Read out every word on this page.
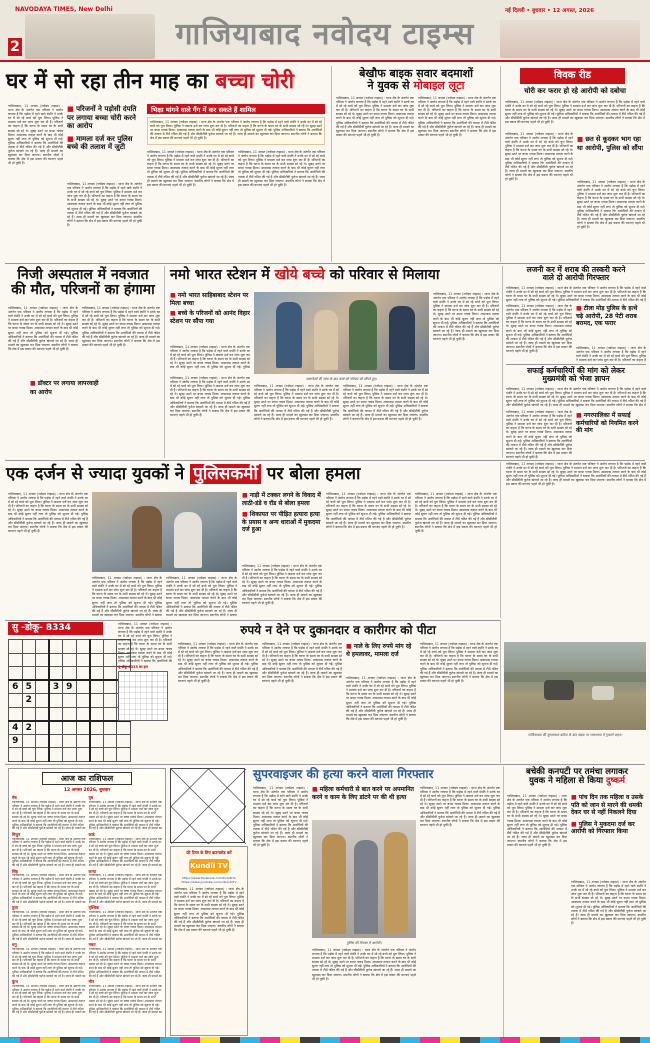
NAVODAYA TIMES, New Delhi
2	गाजियाबाद नवोदय टाइम्स
नई दिल्ली • बुधवार • 12 अगस्त, 2026
घर में सो रहा तीन माह का बच्चा चोरी
गाजियाबाद, 11 अगस्त (नवोदय टाइम्स) : थाना क्षेत्र के अंतर्गत एक परिवार ने आरोप लगाया है कि पड़ोस में रहने वाले दंपति ने उनके घर में सो रहे बच्चे को चुरा लिया। पुलिस ने मामला दर्ज कर जांच शुरू कर दी है। परिजनों का कहना है कि घटना के समय घर के सभी सदस्य सो रहे थे। सुबह उठने पर बच्चा गायब मिला। आसपास तलाश करने के बाद भी कोई सुराग नहीं लगा तो पुलिस को सूचना दी गई। पुलिस अधिकारियों ने बताया कि आरोपियों की तलाश में टीमें गठित की गई हैं और सीसीटीवी फुटेज खंगाले जा रहे हैं। जल्द ही मामले का खुलासा कर दिया जाएगा। स्थानीय लोगों ने बताया कि क्षेत्र में इस प्रकार की घटनाएं पहले भी हो चुकी हैं।
■ परिजनों ने पड़ोसी दंपति पर लगाया बच्चा चोरी करने का आरोप
■ मामला दर्ज कर पुलिस बच्चे की तलाश में जुटी
गाजियाबाद, 11 अगस्त (नवोदय टाइम्स) : थाना क्षेत्र के अंतर्गत एक परिवार ने आरोप लगाया है कि पड़ोस में रहने वाले दंपति ने उनके घर में सो रहे बच्चे को चुरा लिया। पुलिस ने मामला दर्ज कर जांच शुरू कर दी है। परिजनों का कहना है कि घटना के समय घर के सभी सदस्य सो रहे थे। सुबह उठने पर बच्चा गायब मिला। आसपास तलाश करने के बाद भी कोई सुराग नहीं लगा तो पुलिस को सूचना दी गई। पुलिस अधिकारियों ने बताया कि आरोपियों की तलाश में टीमें गठित की गई हैं और सीसीटीवी फुटेज खंगाले जा रहे हैं। जल्द ही मामले का खुलासा कर दिया जाएगा। स्थानीय लोगों ने बताया कि क्षेत्र में इस प्रकार की घटनाएं पहले भी हो चुकी हैं।
भिक्षा मांगने वाले गैंग में कर सकते हैं शामिल
गाजियाबाद, 11 अगस्त (नवोदय टाइम्स) : थाना क्षेत्र के अंतर्गत एक परिवार ने आरोप लगाया है कि पड़ोस में रहने वाले दंपति ने उनके घर में सो रहे बच्चे को चुरा लिया। पुलिस ने मामला दर्ज कर जांच शुरू कर दी है। परिजनों का कहना है कि घटना के समय घर के सभी सदस्य सो रहे थे। सुबह उठने पर बच्चा गायब मिला। आसपास तलाश करने के बाद भी कोई सुराग नहीं लगा तो पुलिस को सूचना दी गई। पुलिस अधिकारियों ने बताया कि आरोपियों की तलाश में टीमें गठित की गई हैं और सीसीटीवी फुटेज खंगाले जा रहे हैं। जल्द ही मामले का खुलासा कर दिया जाएगा। स्थानीय लोगों ने बताया कि क्षेत्र में इस प्रकार की घटनाएं पहले भी हो चुकी हैं।
गाजियाबाद, 11 अगस्त (नवोदय टाइम्स) : थाना क्षेत्र के अंतर्गत एक परिवार ने आरोप लगाया है कि पड़ोस में रहने वाले दंपति ने उनके घर में सो रहे बच्चे को चुरा लिया। पुलिस ने मामला दर्ज कर जांच शुरू कर दी है। परिजनों का कहना है कि घटना के समय घर के सभी सदस्य सो रहे थे। सुबह उठने पर बच्चा गायब मिला। आसपास तलाश करने के बाद भी कोई सुराग नहीं लगा तो पुलिस को सूचना दी गई। पुलिस अधिकारियों ने बताया कि आरोपियों की तलाश में टीमें गठित की गई हैं और सीसीटीवी फुटेज खंगाले जा रहे हैं। जल्द ही मामले का खुलासा कर दिया जाएगा। स्थानीय लोगों ने बताया कि क्षेत्र में इस प्रकार की घटनाएं पहले भी हो चुकी हैं।
गाजियाबाद, 11 अगस्त (नवोदय टाइम्स) : थाना क्षेत्र के अंतर्गत एक परिवार ने आरोप लगाया है कि पड़ोस में रहने वाले दंपति ने उनके घर में सो रहे बच्चे को चुरा लिया। पुलिस ने मामला दर्ज कर जांच शुरू कर दी है। परिजनों का कहना है कि घटना के समय घर के सभी सदस्य सो रहे थे। सुबह उठने पर बच्चा गायब मिला। आसपास तलाश करने के बाद भी कोई सुराग नहीं लगा तो पुलिस को सूचना दी गई। पुलिस अधिकारियों ने बताया कि आरोपियों की तलाश में टीमें गठित की गई हैं और सीसीटीवी फुटेज खंगाले जा रहे हैं। जल्द ही मामले का खुलासा कर दिया जाएगा। स्थानीय लोगों ने बताया कि क्षेत्र में इस प्रकार की घटनाएं पहले भी हो चुकी हैं।
बेखौफ बाइक सवार बदमाशों
ने युवक से मोबाइल लूटा
गाजियाबाद, 11 अगस्त (नवोदय टाइम्स) : थाना क्षेत्र के अंतर्गत एक परिवार ने आरोप लगाया है कि पड़ोस में रहने वाले दंपति ने उनके घर में सो रहे बच्चे को चुरा लिया। पुलिस ने मामला दर्ज कर जांच शुरू कर दी है। परिजनों का कहना है कि घटना के समय घर के सभी सदस्य सो रहे थे। सुबह उठने पर बच्चा गायब मिला। आसपास तलाश करने के बाद भी कोई सुराग नहीं लगा तो पुलिस को सूचना दी गई। पुलिस अधिकारियों ने बताया कि आरोपियों की तलाश में टीमें गठित की गई हैं और सीसीटीवी फुटेज खंगाले जा रहे हैं। जल्द ही मामले का खुलासा कर दिया जाएगा। स्थानीय लोगों ने बताया कि क्षेत्र में इस प्रकार की घटनाएं पहले भी हो चुकी हैं।
गाजियाबाद, 11 अगस्त (नवोदय टाइम्स) : थाना क्षेत्र के अंतर्गत एक परिवार ने आरोप लगाया है कि पड़ोस में रहने वाले दंपति ने उनके घर में सो रहे बच्चे को चुरा लिया। पुलिस ने मामला दर्ज कर जांच शुरू कर दी है। परिजनों का कहना है कि घटना के समय घर के सभी सदस्य सो रहे थे। सुबह उठने पर बच्चा गायब मिला। आसपास तलाश करने के बाद भी कोई सुराग नहीं लगा तो पुलिस को सूचना दी गई। पुलिस अधिकारियों ने बताया कि आरोपियों की तलाश में टीमें गठित की गई हैं और सीसीटीवी फुटेज खंगाले जा रहे हैं। जल्द ही मामले का खुलासा कर दिया जाएगा। स्थानीय लोगों ने बताया कि क्षेत्र में इस प्रकार की घटनाएं पहले भी हो चुकी हैं।
विवक रीड
चोरी कर फरार हो रहे आरोपी को दबोचा
गाजियाबाद, 11 अगस्त (नवोदय टाइम्स) : थाना क्षेत्र के अंतर्गत एक परिवार ने आरोप लगाया है कि पड़ोस में रहने वाले दंपति ने उनके घर में सो रहे बच्चे को चुरा लिया। पुलिस ने मामला दर्ज कर जांच शुरू कर दी है। परिजनों का कहना है कि घटना के समय घर के सभी सदस्य सो रहे थे। सुबह उठने पर बच्चा गायब मिला। आसपास तलाश करने के बाद भी कोई सुराग नहीं लगा तो पुलिस को सूचना दी गई। पुलिस अधिकारियों ने बताया कि आरोपियों की तलाश में टीमें गठित की गई हैं और सीसीटीवी फुटेज खंगाले जा रहे हैं। जल्द ही मामले का खुलासा कर दिया जाएगा। स्थानीय लोगों ने बताया कि क्षेत्र में इस प्रकार की घटनाएं पहले भी हो चुकी हैं।
गाजियाबाद, 11 अगस्त (नवोदय टाइम्स) : थाना क्षेत्र के अंतर्गत एक परिवार ने आरोप लगाया है कि पड़ोस में रहने वाले दंपति ने उनके घर में सो रहे बच्चे को चुरा लिया। पुलिस ने मामला दर्ज कर जांच शुरू कर दी है। परिजनों का कहना है कि घटना के समय घर के सभी सदस्य सो रहे थे। सुबह उठने पर बच्चा गायब मिला। आसपास तलाश करने के बाद भी कोई सुराग नहीं लगा तो पुलिस को सूचना दी गई। पुलिस अधिकारियों ने बताया कि आरोपियों की तलाश में टीमें गठित की गई हैं और सीसीटीवी फुटेज खंगाले जा रहे हैं। जल्द ही मामले का खुलासा कर दिया जाएगा। स्थानीय लोगों ने बताया कि क्षेत्र में इस प्रकार की घटनाएं पहले भी हो चुकी हैं।
■ छत से कूदकर भाग रहा था आरोपी, पुलिस को सौंपा
गाजियाबाद, 11 अगस्त (नवोदय टाइम्स) : थाना क्षेत्र के अंतर्गत एक परिवार ने आरोप लगाया है कि पड़ोस में रहने वाले दंपति ने उनके घर में सो रहे बच्चे को चुरा लिया। पुलिस ने मामला दर्ज कर जांच शुरू कर दी है। परिजनों का कहना है कि घटना के समय घर के सभी सदस्य सो रहे थे। सुबह उठने पर बच्चा गायब मिला। आसपास तलाश करने के बाद भी कोई सुराग नहीं लगा तो पुलिस को सूचना दी गई। पुलिस अधिकारियों ने बताया कि आरोपियों की तलाश में टीमें गठित की गई हैं और सीसीटीवी फुटेज खंगाले जा रहे हैं। जल्द ही मामले का खुलासा कर दिया जाएगा। स्थानीय लोगों ने बताया कि क्षेत्र में इस प्रकार की घटनाएं पहले भी हो चुकी हैं।
निजी अस्पताल में नवजात
की मौत, परिजनों का हंगामा
गाजियाबाद, 11 अगस्त (नवोदय टाइम्स) : थाना क्षेत्र के अंतर्गत एक परिवार ने आरोप लगाया है कि पड़ोस में रहने वाले दंपति ने उनके घर में सो रहे बच्चे को चुरा लिया। पुलिस ने मामला दर्ज कर जांच शुरू कर दी है। परिजनों का कहना है कि घटना के समय घर के सभी सदस्य सो रहे थे। सुबह उठने पर बच्चा गायब मिला। आसपास तलाश करने के बाद भी कोई सुराग नहीं लगा तो पुलिस को सूचना दी गई। पुलिस अधिकारियों ने बताया कि आरोपियों की तलाश में टीमें गठित की गई हैं और सीसीटीवी फुटेज खंगाले जा रहे हैं। जल्द ही मामले का खुलासा कर दिया जाएगा। स्थानीय लोगों ने बताया कि क्षेत्र में इस प्रकार की घटनाएं पहले भी हो चुकी हैं।
■ डॉक्टर पर लगाया लापरवाही का आरोप
गाजियाबाद, 11 अगस्त (नवोदय टाइम्स) : थाना क्षेत्र के अंतर्गत एक परिवार ने आरोप लगाया है कि पड़ोस में रहने वाले दंपति ने उनके घर में सो रहे बच्चे को चुरा लिया। पुलिस ने मामला दर्ज कर जांच शुरू कर दी है। परिजनों का कहना है कि घटना के समय घर के सभी सदस्य सो रहे थे। सुबह उठने पर बच्चा गायब मिला। आसपास तलाश करने के बाद भी कोई सुराग नहीं लगा तो पुलिस को सूचना दी गई। पुलिस अधिकारियों ने बताया कि आरोपियों की तलाश में टीमें गठित की गई हैं और सीसीटीवी फुटेज खंगाले जा रहे हैं। जल्द ही मामले का खुलासा कर दिया जाएगा। स्थानीय लोगों ने बताया कि क्षेत्र में इस प्रकार की घटनाएं पहले भी हो चुकी हैं।
नमो भारत स्टेशन में खोये बच्चे को परिवार से मिलाया
■ नमो भारत साहिबाबाद स्टेशन पर मिला बच्चा
■ बच्चे के परिजनों को आनंद विहार स्टेशन पर सौंपा गया
गाजियाबाद, 11 अगस्त (नवोदय टाइम्स) : थाना क्षेत्र के अंतर्गत एक परिवार ने आरोप लगाया है कि पड़ोस में रहने वाले दंपति ने उनके घर में सो रहे बच्चे को चुरा लिया। पुलिस ने मामला दर्ज कर जांच शुरू कर दी है। परिजनों का कहना है कि घटना के समय घर के सभी सदस्य सो रहे थे। सुबह उठने पर बच्चा गायब मिला। आसपास तलाश करने के बाद भी कोई सुराग नहीं लगा तो पुलिस को सूचना दी गई। पुलिस
दस्तावेजों की जांच के बाद बच्चे को परिवार को सौंपते हुए।
गाजियाबाद, 11 अगस्त (नवोदय टाइम्स) : थाना क्षेत्र के अंतर्गत एक परिवार ने आरोप लगाया है कि पड़ोस में रहने वाले दंपति ने उनके घर में सो रहे बच्चे को चुरा लिया। पुलिस ने मामला दर्ज कर जांच शुरू कर दी है। परिजनों का कहना है कि घटना के समय घर के सभी सदस्य सो रहे थे। सुबह उठने पर बच्चा गायब मिला। आसपास तलाश करने के बाद भी कोई सुराग नहीं लगा तो पुलिस को सूचना दी गई। पुलिस अधिकारियों ने बताया कि आरोपियों की तलाश में टीमें गठित की गई हैं और सीसीटीवी फुटेज खंगाले जा रहे हैं। जल्द ही मामले का खुलासा कर दिया जाएगा। स्थानीय लोगों ने बताया कि क्षेत्र में इस प्रकार की घटनाएं पहले भी हो चुकी हैं।
गाजियाबाद, 11 अगस्त (नवोदय टाइम्स) : थाना क्षेत्र के अंतर्गत एक परिवार ने आरोप लगाया है कि पड़ोस में रहने वाले दंपति ने उनके घर में सो रहे बच्चे को चुरा लिया। पुलिस ने मामला दर्ज कर जांच शुरू कर दी है। परिजनों का कहना है कि घटना के समय घर के सभी सदस्य सो रहे थे। सुबह उठने पर बच्चा गायब मिला। आसपास तलाश करने के बाद भी कोई सुराग नहीं लगा तो पुलिस को सूचना दी गई। पुलिस अधिकारियों ने बताया कि आरोपियों की तलाश में टीमें गठित की गई हैं और सीसीटीवी फुटेज खंगाले जा रहे हैं। जल्द ही मामले का खुलासा कर दिया जाएगा। स्थानीय लोगों ने बताया कि क्षेत्र में इस प्रकार की घटनाएं पहले भी हो चुकी हैं।
गाजियाबाद, 11 अगस्त (नवोदय टाइम्स) : थाना क्षेत्र के अंतर्गत एक परिवार ने आरोप लगाया है कि पड़ोस में रहने वाले दंपति ने उनके घर में सो रहे बच्चे को चुरा लिया। पुलिस ने मामला दर्ज कर जांच शुरू कर दी है। परिजनों का कहना है कि घटना के समय घर के सभी सदस्य सो रहे थे। सुबह उठने पर बच्चा गायब मिला। आसपास तलाश करने के बाद भी कोई सुराग नहीं लगा तो पुलिस को सूचना दी गई। पुलिस अधिकारियों ने बताया कि आरोपियों की तलाश में टीमें गठित की गई हैं और सीसीटीवी फुटेज खंगाले जा रहे हैं। जल्द ही मामले का खुलासा कर दिया जाएगा। स्थानीय लोगों ने बताया कि क्षेत्र में इस प्रकार की घटनाएं पहले भी हो चुकी हैं।
गाजियाबाद, 11 अगस्त (नवोदय टाइम्स) : थाना क्षेत्र के अंतर्गत एक परिवार ने आरोप लगाया है कि पड़ोस में रहने वाले दंपति ने उनके घर में सो रहे बच्चे को चुरा लिया। पुलिस ने मामला दर्ज कर जांच शुरू कर दी है। परिजनों का कहना है कि घटना के समय घर के सभी सदस्य सो रहे थे। सुबह उठने पर बच्चा गायब मिला। आसपास तलाश करने के बाद भी कोई सुराग नहीं लगा तो पुलिस को सूचना दी गई। पुलिस अधिकारियों ने बताया कि आरोपियों की तलाश में टीमें गठित की गई हैं और सीसीटीवी फुटेज खंगाले जा रहे हैं। जल्द ही मामले का खुलासा कर दिया जाएगा। स्थानीय लोगों ने बताया कि क्षेत्र में इस प्रकार की घटनाएं पहले भी हो चुकी हैं।
लजनी कर में शराब की तस्करी करने
वाले दो आरोपी गिरफ्तार
गाजियाबाद, 11 अगस्त (नवोदय टाइम्स) : थाना क्षेत्र के अंतर्गत एक परिवार ने आरोप लगाया है कि पड़ोस में रहने वाले दंपति ने उनके घर में सो रहे बच्चे को चुरा लिया। पुलिस ने मामला दर्ज कर जांच शुरू कर दी है। परिजनों का कहना है कि घटना के समय घर के सभी सदस्य सो रहे थे। सुबह उठने पर बच्चा गायब मिला। आसपास तलाश करने के बाद भी कोई सुराग नहीं लगा तो पुलिस को सूचना दी गई। पुलिस अधिकारियों ने बताया कि आरोपियों की तलाश में टीमें गठित की गई हैं
गाजियाबाद, 11 अगस्त (नवोदय टाइम्स) : थाना क्षेत्र के अंतर्गत एक परिवार ने आरोप लगाया है कि पड़ोस में रहने वाले दंपति ने उनके घर में सो रहे बच्चे को चुरा लिया। पुलिस ने मामला दर्ज कर जांच शुरू कर दी है। परिजनों का कहना है कि घटना के समय घर के सभी सदस्य सो रहे थे। सुबह उठने पर बच्चा गायब मिला। आसपास तलाश करने के बाद भी कोई सुराग नहीं लगा तो पुलिस को सूचना दी गई। पुलिस अधिकारियों ने बताया कि आरोपियों की तलाश में टीमें गठित की गई हैं और सीसीटीवी फुटेज खंगाले जा रहे हैं। जल्द ही मामले का खुलासा कर दिया जाएगा। स्थानीय लोगों ने बताया कि क्षेत्र में इस प्रकार की घटनाएं पहले भी हो चुकी हैं।
■ टीला मोड़ पुलिस के हत्थे चढ़े आरोपी, 28 पेटी शराब बरामद, एक फरार
गाजियाबाद, 11 अगस्त (नवोदय टाइम्स) : थाना क्षेत्र के अंतर्गत एक परिवार ने आरोप लगाया है कि पड़ोस में रहने वाले दंपति ने उनके घर में सो रहे बच्चे को चुरा लिया। पुलिस ने मामला दर्ज कर जांच शुरू कर दी है। परिजनों का कहना है
सफाई कर्मचारियों की मांग को लेकर
मुख्यमंत्री को भेजा ज्ञापन
गाजियाबाद, 11 अगस्त (नवोदय टाइम्स) : थाना क्षेत्र के अंतर्गत एक परिवार ने आरोप लगाया है कि पड़ोस में रहने वाले दंपति ने उनके घर में सो रहे बच्चे को चुरा लिया। पुलिस ने मामला दर्ज कर जांच शुरू कर दी है। परिजनों का कहना है कि घटना के समय घर के सभी सदस्य सो रहे थे। सुबह उठने पर बच्चा गायब मिला। आसपास तलाश करने के बाद भी कोई सुराग नहीं लगा तो पुलिस को सूचना दी गई। पुलिस अधिकारियों ने बताया कि आरोपियों की तलाश में टीमें गठित की गई हैं और सीसीटीवी फुटेज खंगाले जा रहे हैं। जल्द ही मामले का खुलासा कर दिया जाएगा। स्थानीय लोगों ने बताया कि क्षेत्र में
गाजियाबाद, 11 अगस्त (नवोदय टाइम्स) : थाना क्षेत्र के अंतर्गत एक परिवार ने आरोप लगाया है कि पड़ोस में रहने वाले दंपति ने उनके घर में सो रहे बच्चे को चुरा लिया। पुलिस ने मामला दर्ज कर जांच शुरू कर दी है। परिजनों का कहना है कि घटना के समय घर के सभी सदस्य सो रहे थे। सुबह उठने पर बच्चा गायब मिला। आसपास तलाश करने के बाद भी कोई सुराग नहीं लगा तो पुलिस को सूचना दी गई। पुलिस अधिकारियों ने बताया कि आरोपियों की तलाश में टीमें गठित की गई हैं और सीसीटीवी फुटेज खंगाले जा रहे हैं। जल्द ही मामले का खुलासा कर दिया जाएगा। स्थानीय लोगों ने बताया कि क्षेत्र में इस प्रकार की घटनाएं पहले भी हो चुकी हैं।
■ नगरपालिका में सफाई कर्मचारियों को नियमित करने की मांग
एक दर्जन से ज्यादा युवकों ने पुलिसकर्मी पर बोला हमला
गाजियाबाद, 11 अगस्त (नवोदय टाइम्स) : थाना क्षेत्र के अंतर्गत एक परिवार ने आरोप लगाया है कि पड़ोस में रहने वाले दंपति ने उनके घर में सो रहे बच्चे को चुरा लिया। पुलिस ने मामला दर्ज कर जांच शुरू कर दी है। परिजनों का कहना है कि घटना के समय घर के सभी सदस्य सो रहे थे। सुबह उठने पर बच्चा गायब मिला। आसपास तलाश करने के बाद भी कोई सुराग नहीं लगा तो पुलिस को सूचना दी गई। पुलिस अधिकारियों ने बताया कि आरोपियों की तलाश में टीमें गठित की गई हैं और सीसीटीवी फुटेज खंगाले जा रहे हैं। जल्द ही मामले का खुलासा कर दिया जाएगा। स्थानीय लोगों ने बताया कि क्षेत्र में इस प्रकार की घटनाएं पहले भी हो चुकी हैं।
गाजियाबाद, 11 अगस्त (नवोदय टाइम्स) : थाना क्षेत्र के अंतर्गत एक परिवार ने आरोप लगाया है कि पड़ोस में रहने वाले दंपति ने उनके घर में सो रहे बच्चे को चुरा लिया। पुलिस ने मामला दर्ज कर जांच शुरू कर दी है। परिजनों का कहना है कि घटना के समय घर के सभी सदस्य सो रहे थे। सुबह उठने पर बच्चा गायब मिला। आसपास तलाश करने के बाद भी कोई सुराग नहीं लगा तो पुलिस को सूचना दी गई। पुलिस अधिकारियों ने बताया कि आरोपियों की तलाश में टीमें गठित की गई हैं और सीसीटीवी फुटेज खंगाले जा रहे हैं। जल्द ही मामले का खुलासा कर दिया जाएगा। स्थानीय लोगों ने बताया
गाजियाबाद, 11 अगस्त (नवोदय टाइम्स) : थाना क्षेत्र के अंतर्गत एक परिवार ने आरोप लगाया है कि पड़ोस में रहने वाले दंपति ने उनके घर में सो रहे बच्चे को चुरा लिया। पुलिस ने मामला दर्ज कर जांच शुरू कर दी है। परिजनों का कहना है कि घटना के समय घर के सभी सदस्य सो रहे थे। सुबह उठने पर बच्चा गायब मिला। आसपास तलाश करने के बाद भी कोई सुराग नहीं लगा तो पुलिस को सूचना दी गई। पुलिस अधिकारियों ने बताया कि आरोपियों की तलाश में टीमें गठित की गई हैं और सीसीटीवी फुटेज खंगाले जा रहे हैं। जल्द ही मामले का खुलासा कर दिया जाएगा। स्थानीय लोगों ने बताया
■ नाड़ी में टक्कर लगने के विवाद में लाठी-डंडे व रॉड से बोला हमला
■ शिकायत पर पीड़ित हत्यारा हत्या के प्रयास व अन्य धाराओं में मुकदमा दर्ज हुआ
गाजियाबाद, 11 अगस्त (नवोदय टाइम्स) : थाना क्षेत्र के अंतर्गत एक परिवार ने आरोप लगाया है कि पड़ोस में रहने वाले दंपति ने उनके घर में सो रहे बच्चे को चुरा लिया। पुलिस ने मामला दर्ज कर जांच शुरू कर दी है। परिजनों का कहना है कि घटना के समय घर के सभी सदस्य सो रहे थे। सुबह उठने पर बच्चा गायब मिला। आसपास तलाश करने के बाद भी कोई सुराग नहीं लगा तो पुलिस को सूचना दी गई। पुलिस अधिकारियों ने बताया कि आरोपियों की तलाश में टीमें गठित की गई हैं और सीसीटीवी फुटेज खंगाले जा रहे हैं। जल्द ही मामले का खुलासा कर दिया जाएगा। स्थानीय लोगों ने बताया कि क्षेत्र में इस प्रकार की घटनाएं पहले भी हो चुकी हैं।
गाजियाबाद, 11 अगस्त (नवोदय टाइम्स) : थाना क्षेत्र के अंतर्गत एक परिवार ने आरोप लगाया है कि पड़ोस में रहने वाले दंपति ने उनके घर में सो रहे बच्चे को चुरा लिया। पुलिस ने मामला दर्ज कर जांच शुरू कर दी है। परिजनों का कहना है कि घटना के समय घर के सभी सदस्य सो रहे थे। सुबह उठने पर बच्चा गायब मिला। आसपास तलाश करने के बाद भी कोई सुराग नहीं लगा तो पुलिस को सूचना दी गई। पुलिस अधिकारियों ने बताया कि आरोपियों की तलाश में टीमें गठित की गई हैं और सीसीटीवी फुटेज खंगाले जा रहे हैं। जल्द ही मामले का खुलासा कर दिया जाएगा। स्थानीय लोगों ने बताया कि क्षेत्र में इस प्रकार की घटनाएं पहले भी हो चुकी हैं।
गाजियाबाद, 11 अगस्त (नवोदय टाइम्स) : थाना क्षेत्र के अंतर्गत एक परिवार ने आरोप लगाया है कि पड़ोस में रहने वाले दंपति ने उनके घर में सो रहे बच्चे को चुरा लिया। पुलिस ने मामला दर्ज कर जांच शुरू कर दी है। परिजनों का कहना है कि घटना के समय घर के सभी सदस्य सो रहे थे। सुबह उठने पर बच्चा गायब मिला। आसपास तलाश करने के बाद भी कोई सुराग नहीं लगा तो पुलिस को सूचना दी गई। पुलिस अधिकारियों ने बताया कि आरोपियों की तलाश में टीमें गठित की गई हैं और सीसीटीवी फुटेज खंगाले जा रहे हैं। जल्द ही मामले का खुलासा कर दिया जाएगा। स्थानीय लोगों ने बताया कि क्षेत्र में इस प्रकार की घटनाएं पहले भी हो चुकी हैं।
गाजियाबाद, 11 अगस्त (नवोदय टाइम्स) : थाना क्षेत्र के अंतर्गत एक परिवार ने आरोप लगाया है कि पड़ोस में रहने वाले दंपति ने उनके घर में सो रहे बच्चे को चुरा लिया। पुलिस ने मामला दर्ज कर जांच शुरू कर दी है। परिजनों का कहना है कि घटना के समय घर के सभी सदस्य सो रहे थे। सुबह उठने पर बच्चा गायब मिला। आसपास तलाश करने के बाद भी कोई सुराग नहीं लगा तो पुलिस को सूचना दी गई। पुलिस अधिकारियों ने बताया कि आरोपियों की तलाश में टीमें गठित की गई हैं और सीसीटीवी फुटेज खंगाले जा रहे हैं। जल्द ही मामले का खुलासा कर दिया जाएगा। स्थानीय लोगों ने बताया कि क्षेत्र में इस प्रकार की घटनाएं पहले भी हो चुकी हैं।
सु -डोकू- 8334

6	5		3	9				
	2							

4	2							
9								

गाजियाबाद, 11 अगस्त (नवोदय टाइम्स) : थाना क्षेत्र के अंतर्गत एक परिवार ने आरोप लगाया है कि पड़ोस में रहने वाले दंपति ने उनके घर में सो रहे बच्चे को चुरा लिया। पुलिस ने मामला दर्ज कर जांच शुरू कर दी है। परिजनों का कहना है कि घटना के समय घर के सभी सदस्य सो रहे थे। सुबह उठने पर बच्चा गायब मिला। आसपास तलाश करने के बाद भी कोई सुराग नहीं लगा तो पुलिस को सूचना दी गई। पुलिस अधिकारियों ने बताया कि आरोपियों की
सु-डोकू-8333 का हल
रुपये न देने पर दुकानदार व कारीगर को पीटा
गाजियाबाद, 11 अगस्त (नवोदय टाइम्स) : थाना क्षेत्र के अंतर्गत एक परिवार ने आरोप लगाया है कि पड़ोस में रहने वाले दंपति ने उनके घर में सो रहे बच्चे को चुरा लिया। पुलिस ने मामला दर्ज कर जांच शुरू कर दी है। परिजनों का कहना है कि घटना के समय घर के सभी सदस्य सो रहे थे। सुबह उठने पर बच्चा गायब मिला। आसपास तलाश करने के बाद भी कोई सुराग नहीं लगा तो पुलिस को सूचना दी गई। पुलिस अधिकारियों ने बताया कि आरोपियों की तलाश में टीमें गठित की गई हैं और सीसीटीवी फुटेज खंगाले जा रहे हैं। जल्द ही मामले का खुलासा कर दिया जाएगा। स्थानीय लोगों ने बताया कि क्षेत्र में इस प्रकार की घटनाएं पहले भी हो चुकी हैं।
गाजियाबाद, 11 अगस्त (नवोदय टाइम्स) : थाना क्षेत्र के अंतर्गत एक परिवार ने आरोप लगाया है कि पड़ोस में रहने वाले दंपति ने उनके घर में सो रहे बच्चे को चुरा लिया। पुलिस ने मामला दर्ज कर जांच शुरू कर दी है। परिजनों का कहना है कि घटना के समय घर के सभी सदस्य सो रहे थे। सुबह उठने पर बच्चा गायब मिला। आसपास तलाश करने के बाद भी कोई सुराग नहीं लगा तो पुलिस को सूचना दी गई। पुलिस अधिकारियों ने बताया कि आरोपियों की तलाश में टीमें गठित की गई हैं और सीसीटीवी फुटेज खंगाले जा रहे हैं। जल्द ही मामले का खुलासा कर दिया जाएगा। स्थानीय लोगों ने बताया कि क्षेत्र में इस प्रकार की घटनाएं पहले भी हो चुकी हैं।
■ नाले के लिए रुपये मांग रहे थे हमलावर, मामला दर्ज
गाजियाबाद, 11 अगस्त (नवोदय टाइम्स) : थाना क्षेत्र के अंतर्गत एक परिवार ने आरोप लगाया है कि पड़ोस में रहने वाले दंपति ने उनके घर में सो रहे बच्चे को चुरा लिया। पुलिस ने मामला दर्ज कर जांच शुरू कर दी है। परिजनों का कहना है कि घटना के समय घर के सभी सदस्य सो रहे थे। सुबह उठने पर बच्चा गायब मिला। आसपास तलाश करने के बाद भी कोई सुराग नहीं लगा तो पुलिस को सूचना दी गई। पुलिस अधिकारियों ने बताया कि आरोपियों की तलाश में टीमें गठित की गई हैं और सीसीटीवी फुटेज खंगाले जा रहे हैं। जल्द ही मामले का खुलासा कर दिया जाएगा। स्थानीय लोगों ने बताया कि क्षेत्र में इस प्रकार की घटनाएं पहले भी हो चुकी हैं।
गाजियाबाद, 11 अगस्त (नवोदय टाइम्स) : थाना क्षेत्र के अंतर्गत एक परिवार ने आरोप लगाया है कि पड़ोस में रहने वाले दंपति ने उनके घर में सो रहे बच्चे को चुरा लिया। पुलिस ने मामला दर्ज कर जांच शुरू कर दी है। परिजनों का कहना है कि घटना के समय घर के सभी सदस्य सो रहे थे। सुबह उठने पर बच्चा गायब मिला। आसपास तलाश करने के बाद भी कोई सुराग नहीं लगा तो पुलिस को सूचना दी गई। पुलिस अधिकारियों ने बताया कि आरोपियों की तलाश में टीमें गठित की गई हैं और सीसीटीवी फुटेज खंगाले जा रहे हैं। जल्द ही मामले का खुलासा कर दिया जाएगा। स्थानीय लोगों ने बताया कि क्षेत्र में इस प्रकार की घटनाएं पहले भी हो चुकी हैं।
गाजियाबाद की मूसलाधार बारिश के बाद सड़क पर जलभराव में गुजरते वाहन।
आज का राशिफल
12 अगस्त 2026, बुधवार
मेष
गाजियाबाद, 11 अगस्त (नवोदय टाइम्स) : थाना क्षेत्र के अंतर्गत एक परिवार ने आरोप लगाया है कि पड़ोस में रहने वाले दंपति ने उनके घर में सो रहे बच्चे को चुरा लिया। पुलिस ने मामला दर्ज कर जांच शुरू कर दी है। परिजनों का कहना है कि घटना के समय घर के सभी सदस्य सो रहे थे। सुबह उठने पर बच्चा गायब मिला। आसपास तलाश करने के बाद भी कोई सुराग नहीं लगा तो पुलिस को सूचना दी गई। पुलिस अधिकारियों ने बताया कि आरोपियों की तलाश में टीमें गठित की गई हैं और सीसीटीवी फुटेज खंगाले जा रहे हैं। जल्द ही मामले का
वृष
गाजियाबाद, 11 अगस्त (नवोदय टाइम्स) : थाना क्षेत्र के अंतर्गत एक परिवार ने आरोप लगाया है कि पड़ोस में रहने वाले दंपति ने उनके घर में सो रहे बच्चे को चुरा लिया। पुलिस ने मामला दर्ज कर जांच शुरू कर दी है। परिजनों का कहना है कि घटना के समय घर के सभी सदस्य सो रहे थे। सुबह उठने पर बच्चा गायब मिला। आसपास तलाश करने के बाद भी कोई सुराग नहीं लगा तो पुलिस को सूचना दी गई। पुलिस अधिकारियों ने बताया कि आरोपियों की तलाश में टीमें गठित की गई हैं और सीसीटीवी फुटेज खंगाले जा रहे हैं। जल्द ही मामले का
मिथुन
गाजियाबाद, 11 अगस्त (नवोदय टाइम्स) : थाना क्षेत्र के अंतर्गत एक परिवार ने आरोप लगाया है कि पड़ोस में रहने वाले दंपति ने उनके घर में सो रहे बच्चे को चुरा लिया। पुलिस ने मामला दर्ज कर जांच शुरू कर दी है। परिजनों का कहना है कि घटना के समय घर के सभी सदस्य सो रहे थे। सुबह उठने पर बच्चा गायब मिला। आसपास तलाश करने के बाद भी कोई सुराग नहीं लगा तो पुलिस को सूचना दी गई। पुलिस अधिकारियों ने बताया कि आरोपियों की तलाश में टीमें गठित की गई हैं और सीसीटीवी फुटेज खंगाले जा रहे हैं। जल्द ही मामले का
कर्क
गाजियाबाद, 11 अगस्त (नवोदय टाइम्स) : थाना क्षेत्र के अंतर्गत एक परिवार ने आरोप लगाया है कि पड़ोस में रहने वाले दंपति ने उनके घर में सो रहे बच्चे को चुरा लिया। पुलिस ने मामला दर्ज कर जांच शुरू कर दी है। परिजनों का कहना है कि घटना के समय घर के सभी सदस्य सो रहे थे। सुबह उठने पर बच्चा गायब मिला। आसपास तलाश करने के बाद भी कोई सुराग नहीं लगा तो पुलिस को सूचना दी गई। पुलिस अधिकारियों ने बताया कि आरोपियों की तलाश में टीमें गठित की गई हैं और सीसीटीवी फुटेज खंगाले जा रहे हैं। जल्द ही मामले का
सिंह
गाजियाबाद, 11 अगस्त (नवोदय टाइम्स) : थाना क्षेत्र के अंतर्गत एक परिवार ने आरोप लगाया है कि पड़ोस में रहने वाले दंपति ने उनके घर में सो रहे बच्चे को चुरा लिया। पुलिस ने मामला दर्ज कर जांच शुरू कर दी है। परिजनों का कहना है कि घटना के समय घर के सभी सदस्य सो रहे थे। सुबह उठने पर बच्चा गायब मिला। आसपास तलाश करने के बाद भी कोई सुराग नहीं लगा तो पुलिस को सूचना दी गई। पुलिस अधिकारियों ने बताया कि आरोपियों की तलाश में टीमें गठित की गई हैं और सीसीटीवी फुटेज खंगाले जा रहे हैं। जल्द ही मामले का
कन्या
गाजियाबाद, 11 अगस्त (नवोदय टाइम्स) : थाना क्षेत्र के अंतर्गत एक परिवार ने आरोप लगाया है कि पड़ोस में रहने वाले दंपति ने उनके घर में सो रहे बच्चे को चुरा लिया। पुलिस ने मामला दर्ज कर जांच शुरू कर दी है। परिजनों का कहना है कि घटना के समय घर के सभी सदस्य सो रहे थे। सुबह उठने पर बच्चा गायब मिला। आसपास तलाश करने के बाद भी कोई सुराग नहीं लगा तो पुलिस को सूचना दी गई। पुलिस अधिकारियों ने बताया कि आरोपियों की तलाश में टीमें गठित की गई हैं और सीसीटीवी फुटेज खंगाले जा रहे हैं। जल्द ही मामले का
तुला
गाजियाबाद, 11 अगस्त (नवोदय टाइम्स) : थाना क्षेत्र के अंतर्गत एक परिवार ने आरोप लगाया है कि पड़ोस में रहने वाले दंपति ने उनके घर में सो रहे बच्चे को चुरा लिया। पुलिस ने मामला दर्ज कर जांच शुरू कर दी है। परिजनों का कहना है कि घटना के समय घर के सभी सदस्य सो रहे थे। सुबह उठने पर बच्चा गायब मिला। आसपास तलाश करने के बाद भी कोई सुराग नहीं लगा तो पुलिस को सूचना दी गई। पुलिस अधिकारियों ने बताया कि आरोपियों की तलाश में टीमें गठित की गई हैं और सीसीटीवी फुटेज खंगाले जा रहे हैं। जल्द ही मामले का
वृश्चिक
गाजियाबाद, 11 अगस्त (नवोदय टाइम्स) : थाना क्षेत्र के अंतर्गत एक परिवार ने आरोप लगाया है कि पड़ोस में रहने वाले दंपति ने उनके घर में सो रहे बच्चे को चुरा लिया। पुलिस ने मामला दर्ज कर जांच शुरू कर दी है। परिजनों का कहना है कि घटना के समय घर के सभी सदस्य सो रहे थे। सुबह उठने पर बच्चा गायब मिला। आसपास तलाश करने के बाद भी कोई सुराग नहीं लगा तो पुलिस को सूचना दी गई। पुलिस अधिकारियों ने बताया कि आरोपियों की तलाश में टीमें गठित की गई हैं और सीसीटीवी फुटेज खंगाले जा रहे हैं। जल्द ही मामले का
धनु
गाजियाबाद, 11 अगस्त (नवोदय टाइम्स) : थाना क्षेत्र के अंतर्गत एक परिवार ने आरोप लगाया है कि पड़ोस में रहने वाले दंपति ने उनके घर में सो रहे बच्चे को चुरा लिया। पुलिस ने मामला दर्ज कर जांच शुरू कर दी है। परिजनों का कहना है कि घटना के समय घर के सभी सदस्य सो रहे थे। सुबह उठने पर बच्चा गायब मिला। आसपास तलाश करने के बाद भी कोई सुराग नहीं लगा तो पुलिस को सूचना दी गई। पुलिस अधिकारियों ने बताया कि आरोपियों की तलाश में टीमें गठित की गई हैं और सीसीटीवी फुटेज खंगाले जा रहे हैं। जल्द ही मामले का
मकर
गाजियाबाद, 11 अगस्त (नवोदय टाइम्स) : थाना क्षेत्र के अंतर्गत एक परिवार ने आरोप लगाया है कि पड़ोस में रहने वाले दंपति ने उनके घर में सो रहे बच्चे को चुरा लिया। पुलिस ने मामला दर्ज कर जांच शुरू कर दी है। परिजनों का कहना है कि घटना के समय घर के सभी सदस्य सो रहे थे। सुबह उठने पर बच्चा गायब मिला। आसपास तलाश करने के बाद भी कोई सुराग नहीं लगा तो पुलिस को सूचना दी गई। पुलिस अधिकारियों ने बताया कि आरोपियों की तलाश में टीमें गठित की गई हैं और सीसीटीवी फुटेज खंगाले जा रहे हैं। जल्द ही मामले का
कुंभ
गाजियाबाद, 11 अगस्त (नवोदय टाइम्स) : थाना क्षेत्र के अंतर्गत एक परिवार ने आरोप लगाया है कि पड़ोस में रहने वाले दंपति ने उनके घर में सो रहे बच्चे को चुरा लिया। पुलिस ने मामला दर्ज कर जांच शुरू कर दी है। परिजनों का कहना है कि घटना के समय घर के सभी सदस्य सो रहे थे। सुबह उठने पर बच्चा गायब मिला। आसपास तलाश करने के बाद भी कोई सुराग नहीं लगा तो पुलिस को सूचना दी गई। पुलिस अधिकारियों ने बताया कि आरोपियों की तलाश में टीमें गठित की गई हैं और सीसीटीवी फुटेज खंगाले जा रहे हैं। जल्द ही मामले का
मीन
गाजियाबाद, 11 अगस्त (नवोदय टाइम्स) : थाना क्षेत्र के अंतर्गत एक परिवार ने आरोप लगाया है कि पड़ोस में रहने वाले दंपति ने उनके घर में सो रहे बच्चे को चुरा लिया। पुलिस ने मामला दर्ज कर जांच शुरू कर दी है। परिजनों का कहना है कि घटना के समय घर के सभी सदस्य सो रहे थे। सुबह उठने पर बच्चा गायब मिला। आसपास तलाश करने के बाद भी कोई सुराग नहीं लगा तो पुलिस को सूचना दी गई। पुलिस अधिकारियों ने बताया कि आरोपियों की तलाश में टीमें गठित की गई हैं और सीसीटीवी फुटेज खंगाले जा रहे हैं। जल्द ही मामले का
फ्री टिप्स के लिए डाउनलोड करें
Kundli TV
https://www.facebook.com/KundliTv
https://www.youtube.com/c/KundliTv
गाजियाबाद, 11 अगस्त (नवोदय टाइम्स) : थाना क्षेत्र के अंतर्गत एक परिवार ने आरोप लगाया है कि पड़ोस में रहने वाले दंपति ने उनके घर में सो रहे बच्चे को चुरा लिया। पुलिस ने मामला दर्ज कर जांच शुरू कर दी है। परिजनों का कहना है कि घटना के समय घर के सभी सदस्य सो रहे थे। सुबह उठने पर बच्चा गायब मिला। आसपास तलाश करने के बाद भी कोई सुराग नहीं लगा तो पुलिस को सूचना दी गई। पुलिस अधिकारियों ने बताया कि आरोपियों की तलाश में टीमें गठित की गई हैं और सीसीटीवी फुटेज खंगाले जा रहे हैं। जल्द ही मामले का खुलासा कर दिया जाएगा। स्थानीय लोगों ने बताया कि क्षेत्र में इस प्रकार की घटनाएं पहले भी हो चुकी हैं।
सुपरवाइजर की हत्या करने वाला गिरफ्तार
गाजियाबाद, 11 अगस्त (नवोदय टाइम्स) : थाना क्षेत्र के अंतर्गत एक परिवार ने आरोप लगाया है कि पड़ोस में रहने वाले दंपति ने उनके घर में सो रहे बच्चे को चुरा लिया। पुलिस ने मामला दर्ज कर जांच शुरू कर दी है। परिजनों का कहना है कि घटना के समय घर के सभी सदस्य सो रहे थे। सुबह उठने पर बच्चा गायब मिला। आसपास तलाश करने के बाद भी कोई सुराग नहीं लगा तो पुलिस को सूचना दी गई। पुलिस अधिकारियों ने बताया कि आरोपियों की तलाश में टीमें गठित की गई हैं और सीसीटीवी फुटेज खंगाले जा रहे हैं। जल्द ही मामले का खुलासा कर दिया जाएगा। स्थानीय लोगों ने बताया कि क्षेत्र में इस प्रकार की घटनाएं पहले भी हो चुकी हैं।
■ महिला कर्मचारी से बात करने पर अपमानित करने व काम के लिए डांटने पर की थी हत्या
पुलिस की गिरफ्त में आरोपी।
गाजियाबाद, 11 अगस्त (नवोदय टाइम्स) : थाना क्षेत्र के अंतर्गत एक परिवार ने आरोप लगाया है कि पड़ोस में रहने वाले दंपति ने उनके घर में सो रहे बच्चे को चुरा लिया। पुलिस ने मामला दर्ज कर जांच शुरू कर दी है। परिजनों का कहना है कि घटना के समय घर के सभी सदस्य सो रहे थे। सुबह उठने पर बच्चा गायब मिला। आसपास तलाश करने के बाद भी कोई सुराग नहीं लगा तो पुलिस को सूचना दी गई। पुलिस अधिकारियों ने बताया कि आरोपियों की तलाश में टीमें गठित की गई हैं और सीसीटीवी फुटेज खंगाले जा रहे हैं। जल्द ही मामले का खुलासा कर दिया जाएगा। स्थानीय लोगों ने बताया कि क्षेत्र में इस प्रकार की घटनाएं पहले भी हो चुकी हैं।
गाजियाबाद, 11 अगस्त (नवोदय टाइम्स) : थाना क्षेत्र के अंतर्गत एक परिवार ने आरोप लगाया है कि पड़ोस में रहने वाले दंपति ने उनके घर में सो रहे बच्चे को चुरा लिया। पुलिस ने मामला दर्ज कर जांच शुरू कर दी है। परिजनों का कहना है कि घटना के समय घर के सभी सदस्य सो रहे थे। सुबह उठने पर बच्चा गायब मिला। आसपास तलाश करने के बाद भी कोई सुराग नहीं लगा तो पुलिस को सूचना दी गई। पुलिस अधिकारियों ने बताया कि आरोपियों की तलाश में टीमें गठित की गई हैं और सीसीटीवी फुटेज खंगाले जा रहे हैं। जल्द ही मामले का खुलासा कर दिया जाएगा। स्थानीय लोगों ने बताया कि क्षेत्र में इस प्रकार की घटनाएं पहले भी हो चुकी हैं।
बचेकी कनपटी पर तमंचा लगाकर
युवक ने महिला से किया दुष्कर्म
गाजियाबाद, 11 अगस्त (नवोदय टाइम्स) : थाना क्षेत्र के अंतर्गत एक परिवार ने आरोप लगाया है कि पड़ोस में रहने वाले दंपति ने उनके घर में सो रहे बच्चे को चुरा लिया। पुलिस ने मामला दर्ज कर जांच शुरू कर दी है। परिजनों का कहना है कि घटना के समय घर के सभी सदस्य सो रहे थे। सुबह उठने पर बच्चा गायब मिला। आसपास तलाश करने के बाद भी कोई सुराग नहीं लगा तो पुलिस को सूचना दी गई। पुलिस अधिकारियों ने बताया कि आरोपियों की तलाश में टीमें गठित की गई हैं और सीसीटीवी फुटेज खंगाले जा रहे हैं। जल्द ही मामले का खुलासा कर दिया जाएगा। स्थानीय लोगों ने बताया कि क्षेत्र में इस प्रकार की घटनाएं पहले भी हो चुकी हैं।
■ पांच दिन तक महिला व उसके पति को जान से मारने की धमकी देकर घर से नहीं निकलने दिया
■ पुलिस ने मुकदमा दर्ज कर आरोपी को गिरफ्तार किया
गाजियाबाद, 11 अगस्त (नवोदय टाइम्स) : थाना क्षेत्र के अंतर्गत एक परिवार ने आरोप लगाया है कि पड़ोस में रहने वाले दंपति ने उनके घर में सो रहे बच्चे को चुरा लिया। पुलिस ने मामला दर्ज कर जांच शुरू कर दी है। परिजनों का कहना है कि घटना के समय घर के सभी सदस्य सो रहे थे। सुबह उठने पर बच्चा गायब मिला। आसपास तलाश करने के बाद भी कोई सुराग नहीं लगा तो पुलिस को सूचना दी गई। पुलिस अधिकारियों ने बताया कि आरोपियों की तलाश में टीमें गठित की गई हैं और सीसीटीवी फुटेज खंगाले जा रहे हैं। जल्द ही मामले का खुलासा कर दिया जाएगा। स्थानीय लोगों ने बताया कि क्षेत्र में इस प्रकार की घटनाएं पहले भी हो चुकी हैं।
